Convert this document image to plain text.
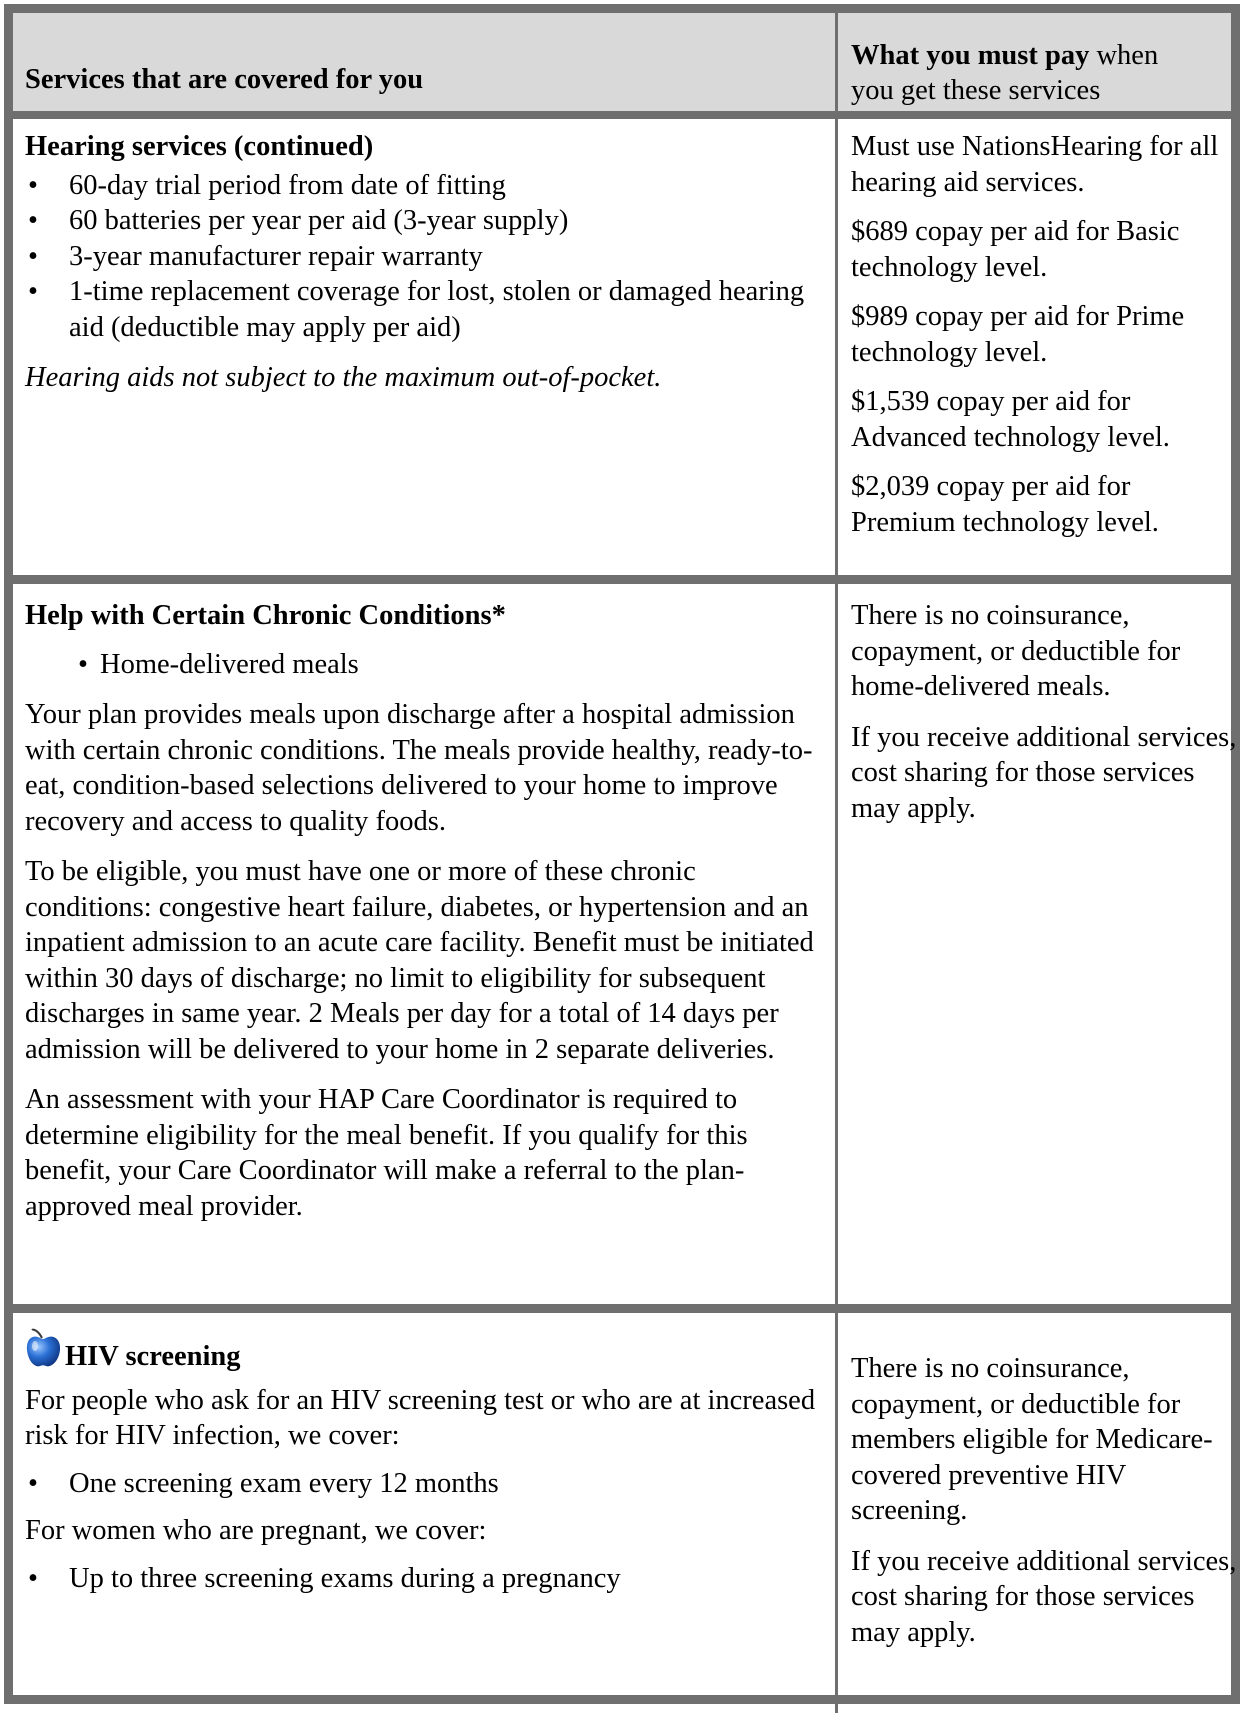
Services that are covered for you
What you must pay when
you get these services

Hearing services (continued)

• 60-day trial period from date of fitting
• 60 batteries per year per aid (3-year supply)
• 3-year manufacturer repair warranty
• 1-time replacement coverage for lost, stolen or damaged hearing aid (deductible may apply per aid)

Hearing aids not subject to the maximum out-of-pocket.

Must use NationsHearing for all hearing aid services.

$689 copay per aid for Basic technology level.

$989 copay per aid for Prime technology level.

$1,539 copay per aid for Advanced technology level.

$2,039 copay per aid for Premium technology level.

Help with Certain Chronic Conditions*

• Home-delivered meals

Your plan provides meals upon discharge after a hospital admission with certain chronic conditions. The meals provide healthy, ready-to-eat, condition-based selections delivered to your home to improve recovery and access to quality foods.

To be eligible, you must have one or more of these chronic conditions: congestive heart failure, diabetes, or hypertension and an inpatient admission to an acute care facility. Benefit must be initiated within 30 days of discharge; no limit to eligibility for subsequent discharges in same year. 2 Meals per day for a total of 14 days per admission will be delivered to your home in 2 separate deliveries.

An assessment with your HAP Care Coordinator is required to determine eligibility for the meal benefit. If you qualify for this benefit, your Care Coordinator will make a referral to the plan-approved meal provider.

There is no coinsurance, copayment, or deductible for home-delivered meals.

If you receive additional services, cost sharing for those services may apply.

HIV screening

For people who ask for an HIV screening test or who are at increased risk for HIV infection, we cover:

• One screening exam every 12 months

For women who are pregnant, we cover:

• Up to three screening exams during a pregnancy

There is no coinsurance, copayment, or deductible for members eligible for Medicare-covered preventive HIV screening.

If you receive additional services, cost sharing for those services may apply.
